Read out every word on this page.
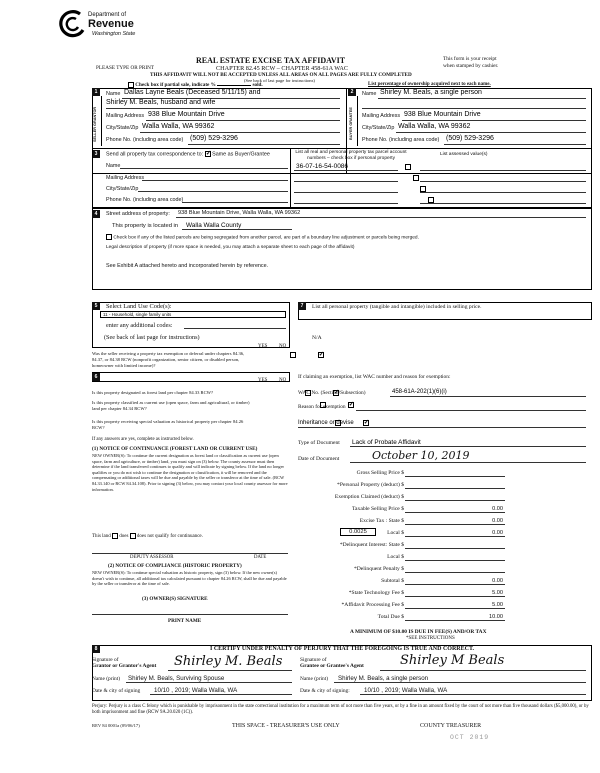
Department of
Revenue
Washington State
REAL ESTATE EXCISE TAX AFFIDAVIT
CHAPTER 82.45 RCW – CHAPTER 458-61A WAC
THIS AFFIDAVIT WILL NOT BE ACCEPTED UNLESS ALL AREAS ON ALL PAGES ARE FULLY COMPLETED
PLEASE TYPE OR PRINT
This form is your receipt
when stamped by cashier.
(See back of last page for instructions)
Check box if partial sale, indicate %	sold.	List percentage of ownership acquired next to each name.
1
SELLER GRANTOR
Name Dallas Layne Beals (Deceased 5/11/15) and
Shirley M. Beals, husband and wife
Mailing Address 938 Blue Mountain Drive
City/State/Zip Walla Walla, WA 99362
Phone No. (including area code) (509) 529-3296
2
BUYER GRANTEE
Name Shirley M. Beals, a single person
Mailing Address 938 Blue Mountain Drive
City/State/Zip Walla Walla, WA 99362
Phone No. (including area code) (509) 529-3296
3	Send all property tax correspondence to: ✓ Same as Buyer/Grantee
Name
Mailing Address
City/State/Zip
Phone No. (including area code)
List all real and personal property tax parcel account numbers – check box if personal property
List assessed value(s)
36-07-16-54-0086

4	Street address of property: 938 Blue Mountain Drive, Walla Walla, WA 99362
This property is located in Walla Walla County
Check box if any of the listed parcels are being segregated from another parcel, are part of a boundary line adjustment or parcels being merged.
Legal description of property (if more space is needed, you may attach a separate sheet to each page of the affidavit)
See Exhibit A attached hereto and incorporated herein by reference.
5	Select Land Use Code(s):
11 - Household, single family units
enter any additional codes:
(See back of last page for instructions)
YES NO
Was the seller receiving a property tax exemption or deferral under chapters 84.36, 84.37, or 84.38 RCW (nonprofit organization, senior citizen, or disabled person, homeowner with limited income)?
✓
7	List all personal property (tangible and intangible) included in selling price.
N/A
6
YES NO
Is this property designated as forest land per chapter 84.33 RCW?
✓
Is this property classified as current use (open space, farm and agricultural, or timber) land per chapter 84.34 RCW?
✓
Is this property receiving special valuation as historical property per chapter 84.26 RCW?
✓
If any answers are yes, complete as instructed below.
(1) NOTICE OF CONTINUANCE (FOREST LAND OR CURRENT USE)
NEW OWNER(S): To continue the current designation as forest land or classification as current use (open space, farm and agriculture, or timber) land, you must sign on (3) below. The county assessor must then determine if the land transferred continues to qualify and will indicate by signing below. If the land no longer qualifies or you do not wish to continue the designation or classification, it will be removed and the compensating or additional taxes will be due and payable by the seller or transferor at the time of sale. (RCW 84.33.140 or RCW 84.34.108). Prior to signing (3) below, you may contact your local county assessor for more information.
This land does does not qualify for continuance.
DEPUTY ASSESSOR	DATE
(2) NOTICE OF COMPLIANCE (HISTORIC PROPERTY)
NEW OWNER(S): To continue special valuation as historic property, sign (3) below. If the new owner(s) doesn't wish to continue, all additional tax calculated pursuant to chapter 84.26 RCW, shall be due and payable by the seller or transferor at the time of sale.
(3) OWNER(S) SIGNATURE
PRINT NAME
If claiming an exemption, list WAC number and reason for exemption:
WAC No. (Section/Subsection)	458-61A-202(1)(6)(i)
Reason for exemption
Inheritance or devise
Type of Document Lack of Probate Affidavit
Date of Document	October 10, 2019
Gross Selling Price $
*Personal Property (deduct) $
Exemption Claimed (deduct) $
Taxable Selling Price $	0.00
Excise Tax : State $	0.00
0.0025	Local $	0.00
*Delinquent Interest: State $
Local $
*Delinquent Penalty $
Subtotal $	0.00
*State Technology Fee $	5.00
*Affidavit Processing Fee $	5.00
Total Due $	10.00
A MINIMUM OF $10.00 IS DUE IN FEE(S) AND/OR TAX
*SEE INSTRUCTIONS
8	I CERTIFY UNDER PENALTY OF PERJURY THAT THE FOREGOING IS TRUE AND CORRECT.
Signature of
Grantor or Grantor's Agent Shirley M. Beals
Name (print) Shirley M. Beals, Surviving Spouse
Date & city of signing 10/10 , 2019; Walla Walla, WA
Signature of
Grantee or Grantee's Agent	Shirley M Beals
Name (print) Shirley M. Beals, a single person
Date & city of signing: 10/10 , 2019; Walla Walla, WA
Perjury: Perjury is a class C felony which is punishable by imprisonment in the state correctional institution for a maximum term of not more than five years, or by a fine in an amount fixed by the court of not more than five thousand dollars ($5,000.00), or by both imprisonment and fine (RCW 9A.20.020 (1C)).
REV 84 0001a (09/06/17)	THIS SPACE - TREASURER'S USE ONLY	COUNTY TREASURER
OCT 2019
